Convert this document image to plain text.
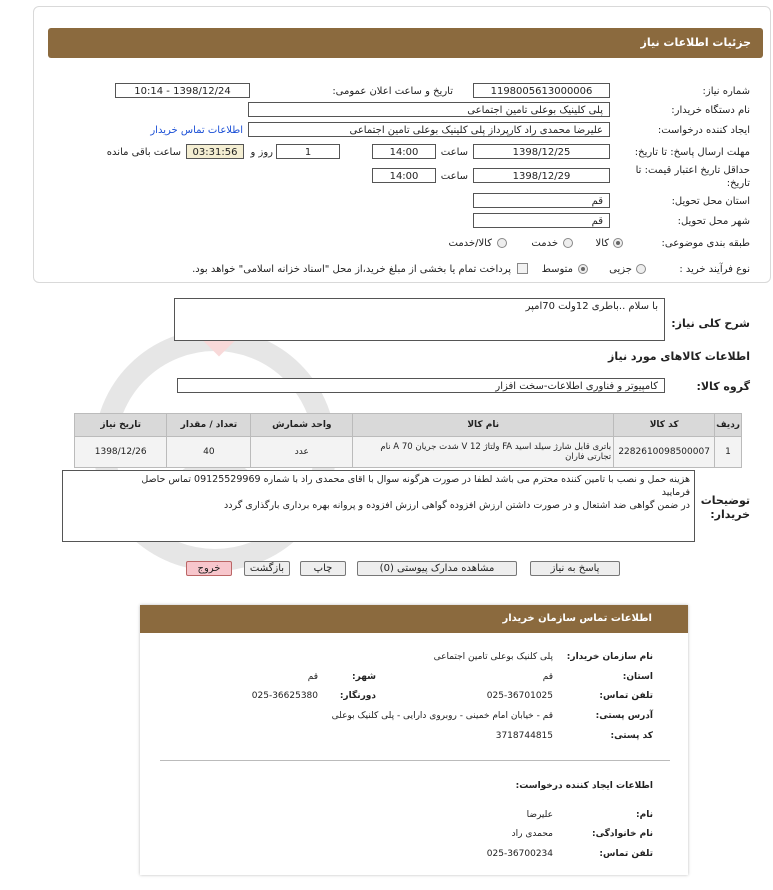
جزئیات اطلاعات نیاز
شماره نیاز:
1198005613000006
تاریخ و ساعت اعلان عمومی:
1398/12/24 - 10:14
نام دستگاه خریدار:
پلی کلینیک بوعلی تامین اجتماعی
ایجاد کننده درخواست:
علیرضا محمدی راد کارپرداز پلی کلینیک بوعلی تامین اجتماعی
اطلاعات تماس خریدار
مهلت ارسال پاسخ: تا تاریخ:
1398/12/25
ساعت
14:00
1
روز و
03:31:56
ساعت باقی مانده
حداقل تاریخ اعتبار قیمت: تا
تاریخ:
1398/12/29
ساعت
14:00
استان محل تحویل:
قم
شهر محل تحویل:
قم
طبقه بندی موضوعی:
کالا
خدمت
کالا/خدمت
نوع فرآیند خرید :
جزیی
متوسط
پرداخت تمام یا بخشی از مبلغ خرید،از محل "اسناد خزانه اسلامی" خواهد بود.
شرح کلی نیاز:
با سلام ..باطری 12ولت 70امپر
اطلاعات کالاهای مورد نیاز
گروه کالا:
کامپیوتر و فناوری اطلاعات-سخت افزار
ردیف	کد کالا	نام کالا	واحد شمارش	تعداد / مقدار	تاریخ نیاز
1	2282610098500007	باتری قابل شارژ سیلد اسید FA ولتاژ 12 V شدت جریان 70 A نام تجارتی فاران	عدد	40	1398/12/26
توضیحات
خریدار:
هزینه حمل و نصب با تامین کننده محترم می باشد لطفا در صورت هرگونه سوال با اقای محمدی راد با شماره 09125529969 تماس حاصل
فرمایید
در ضمن گواهی ضد اشتعال و در صورت داشتن ارزش افزوده گواهی ارزش افزوده و پروانه بهره برداری بارگذاری گردد
پاسخ به نیاز
مشاهده مدارک پیوستی (0)
چاپ
بازگشت
خروج
اطلاعات تماس سازمان خریدار
نام سازمان خریدار:
پلی کلنیک بوعلی تامین اجتماعی
استان:
قم
شهر:
قم
تلفن تماس:
025-36701025
دورنگار:
025-36625380
آدرس پستی:
قم - خیابان امام خمینی - روبروی دارایی - پلی کلنیک بوعلی
کد پستی:
3718744815
اطلاعات ایجاد کننده درخواست:
نام:
علیرضا
نام خانوادگی:
محمدی راد
تلفن تماس:
025-36700234
